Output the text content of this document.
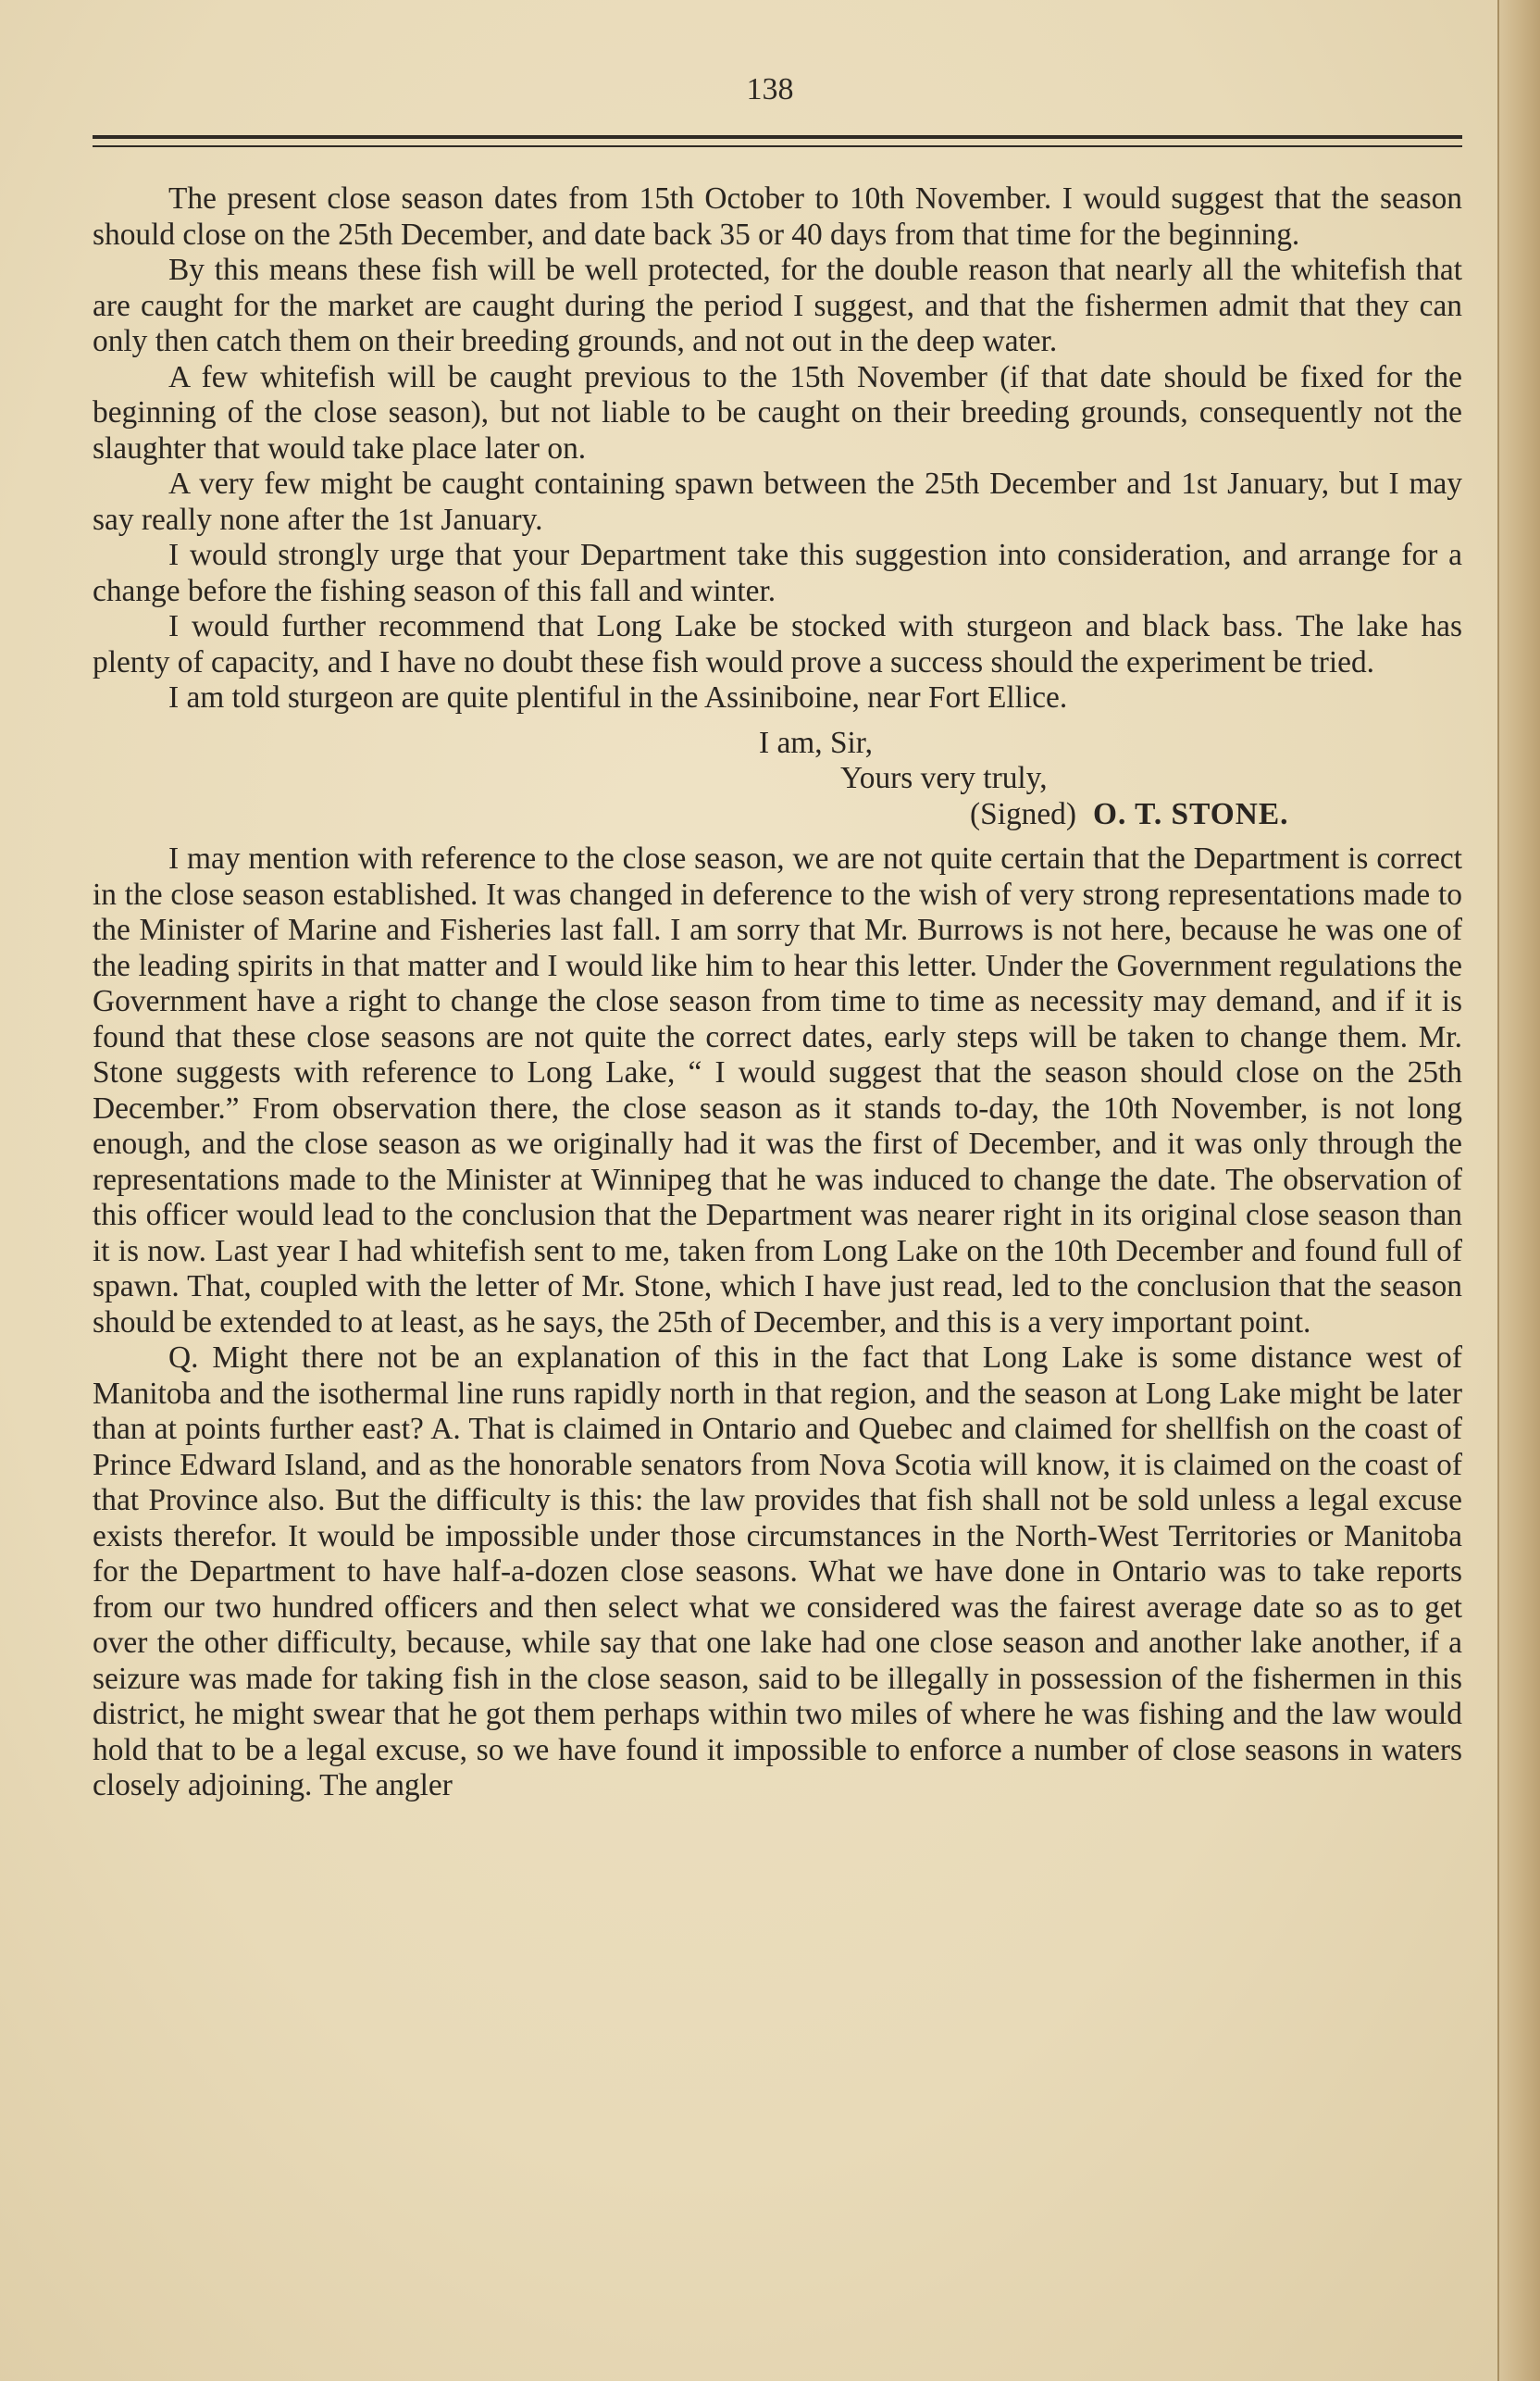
138

The present close season dates from 15th October to 10th November. I would suggest that the season should close on the 25th December, and date back 35 or 40 days from that time for the beginning.

By this means these fish will be well protected, for the double reason that nearly all the whitefish that are caught for the market are caught during the period I suggest, and that the fishermen admit that they can only then catch them on their breeding grounds, and not out in the deep water.

A few whitefish will be caught previous to the 15th November (if that date should be fixed for the beginning of the close season), but not liable to be caught on their breeding grounds, consequently not the slaughter that would take place later on.

A very few might be caught containing spawn between the 25th December and 1st January, but I may say really none after the 1st January.

I would strongly urge that your Department take this suggestion into consideration, and arrange for a change before the fishing season of this fall and winter.

I would further recommend that Long Lake be stocked with sturgeon and black bass. The lake has plenty of capacity, and I have no doubt these fish would prove a success should the experiment be tried.

I am told sturgeon are quite plentiful in the Assiniboine, near Fort Ellice.

I am, Sir,
Yours very truly,
(Signed) O. T. STONE.

I may mention with reference to the close season, we are not quite certain that the Department is correct in the close season established. It was changed in deference to the wish of very strong representations made to the Minister of Marine and Fisheries last fall. I am sorry that Mr. Burrows is not here, because he was one of the leading spirits in that matter and I would like him to hear this letter. Under the Government regulations the Government have a right to change the close season from time to time as necessity may demand, and if it is found that these close seasons are not quite the correct dates, early steps will be taken to change them. Mr. Stone suggests with reference to Long Lake, “ I would suggest that the season should close on the 25th December.” From observation there, the close season as it stands to-day, the 10th November, is not long enough, and the close season as we originally had it was the first of December, and it was only through the representations made to the Minister at Winnipeg that he was induced to change the date. The observation of this officer would lead to the conclusion that the Department was nearer right in its original close season than it is now. Last year I had whitefish sent to me, taken from Long Lake on the 10th December and found full of spawn. That, coupled with the letter of Mr. Stone, which I have just read, led to the conclusion that the season should be extended to at least, as he says, the 25th of December, and this is a very important point.

Q. Might there not be an explanation of this in the fact that Long Lake is some distance west of Manitoba and the isothermal line runs rapidly north in that region, and the season at Long Lake might be later than at points further east? A. That is claimed in Ontario and Quebec and claimed for shellfish on the coast of Prince Edward Island, and as the honorable senators from Nova Scotia will know, it is claimed on the coast of that Province also. But the difficulty is this: the law provides that fish shall not be sold unless a legal excuse exists therefor. It would be impossible under those circumstances in the North-West Territories or Manitoba for the Department to have half-a-dozen close seasons. What we have done in Ontario was to take reports from our two hundred officers and then select what we considered was the fairest average date so as to get over the other difficulty, because, while say that one lake had one close season and another lake another, if a seizure was made for taking fish in the close season, said to be illegally in possession of the fishermen in this district, he might swear that he got them perhaps within two miles of where he was fishing and the law would hold that to be a legal excuse, so we have found it impossible to enforce a number of close seasons in waters closely adjoining. The angler
